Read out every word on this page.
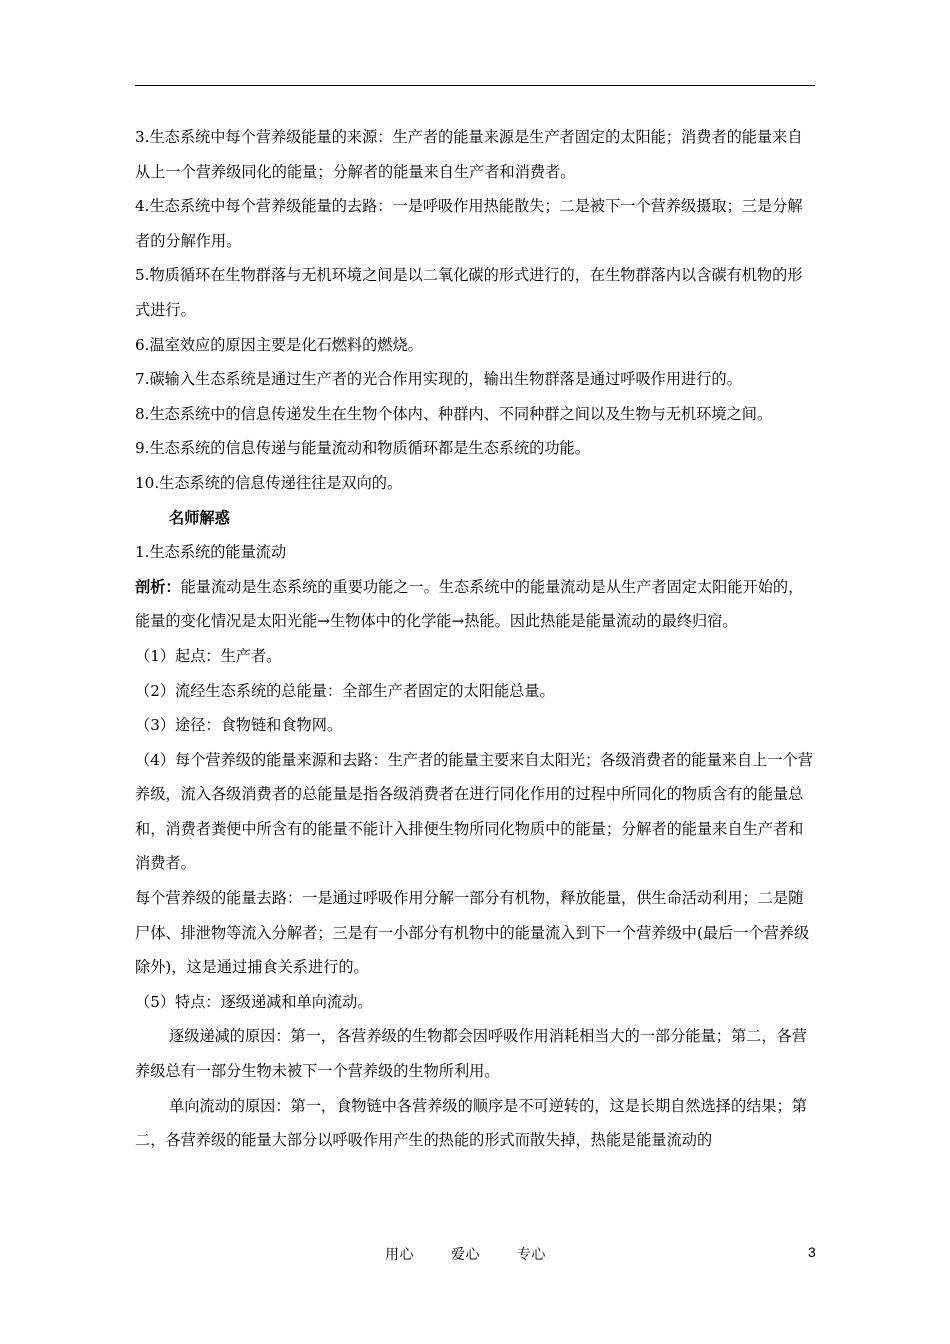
3.生态系统中每个营养级能量的来源：生产者的能量来源是生产者固定的太阳能；消费者的能量来自从上一个营养级同化的能量；分解者的能量来自生产者和消费者。

4.生态系统中每个营养级能量的去路：一是呼吸作用热能散失；二是被下一个营养级摄取；三是分解者的分解作用。

5.物质循环在生物群落与无机环境之间是以二氧化碳的形式进行的，在生物群落内以含碳有机物的形式进行。

6.温室效应的原因主要是化石燃料的燃烧。

7.碳输入生态系统是通过生产者的光合作用实现的，输出生物群落是通过呼吸作用进行的。

8.生态系统中的信息传递发生在生物个体内、种群内、不同种群之间以及生物与无机环境之间。

9.生态系统的信息传递与能量流动和物质循环都是生态系统的功能。

10.生态系统的信息传递往往是双向的。

名师解惑

1.生态系统的能量流动

剖析：能量流动是生态系统的重要功能之一。生态系统中的能量流动是从生产者固定太阳能开始的，能量的变化情况是太阳光能→生物体中的化学能→热能。因此热能是能量流动的最终归宿。

（1）起点：生产者。

（2）流经生态系统的总能量：全部生产者固定的太阳能总量。

（3）途径：食物链和食物网。

（4）每个营养级的能量来源和去路：生产者的能量主要来自太阳光；各级消费者的能量来自上一个营养级，流入各级消费者的总能量是指各级消费者在进行同化作用的过程中所同化的物质含有的能量总和，消费者粪便中所含有的能量不能计入排便生物所同化物质中的能量；分解者的能量来自生产者和消费者。

每个营养级的能量去路：一是通过呼吸作用分解一部分有机物，释放能量，供生命活动利用；二是随尸体、排泄物等流入分解者；三是有一小部分有机物中的能量流入到下一个营养级中(最后一个营养级除外)，这是通过捕食关系进行的。

（5）特点：逐级递减和单向流动。

逐级递减的原因：第一，各营养级的生物都会因呼吸作用消耗相当大的一部分能量；第二，各营养级总有一部分生物未被下一个营养级的生物所利用。

单向流动的原因：第一，食物链中各营养级的顺序是不可逆转的，这是长期自然选择的结果；第二，各营养级的能量大部分以呼吸作用产生的热能的形式而散失掉，热能是能量流动的

用心	爱心	专心	3
